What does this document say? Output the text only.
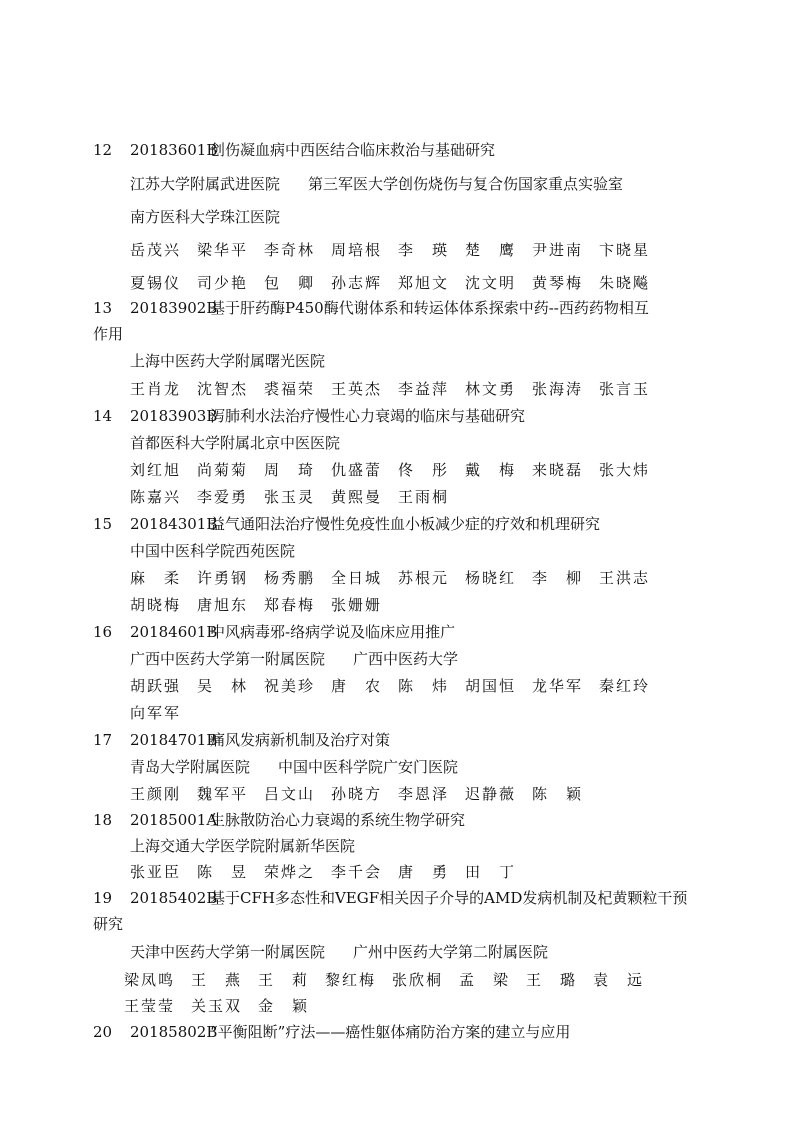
12	20183601B
创伤凝血病中西医结合临床救治与基础研究
江苏大学附属武进医院 第三军医大学创伤烧伤与复合伤国家重点实验室
南方医科大学珠江医院
岳茂兴	梁华平	李奇林	周培根	李　瑛	楚　鹰	尹进南	卞晓星
夏锡仪	司少艳	包　卿	孙志辉	郑旭文	沈文明	黄琴梅	朱晓飚
13	20183902B
基于肝药酶P450酶代谢体系和转运体体系探索中药--西药药物相互
作用
上海中医药大学附属曙光医院
王肖龙	沈智杰	裘福荣	王英杰	李益萍	林文勇	张海涛	张言玉
14	20183903B
泻肺利水法治疗慢性心力衰竭的临床与基础研究
首都医科大学附属北京中医医院
刘红旭	尚菊菊	周　琦	仇盛蕾	佟　彤	戴　梅	来晓磊	张大炜
陈嘉兴	李爱勇	张玉灵	黄熙曼	王雨桐
15	20184301B
益气通阳法治疗慢性免疫性血小板减少症的疗效和机理研究
中国中医科学院西苑医院
麻　柔	许勇钢	杨秀鹏	全日城	苏根元	杨晓红	李　柳	王洪志
胡晓梅	唐旭东	郑春梅	张姗姗
16	20184601B
中风病毒邪-络病学说及临床应用推广
广西中医药大学第一附属医院 广西中医药大学
胡跃强	吴　林	祝美珍	唐　农	陈　炜	胡国恒	龙华军	秦红玲
向军军
17	20184701B
痛风发病新机制及治疗对策
青岛大学附属医院 中国中医科学院广安门医院
王颜刚	魏军平	吕文山	孙晓方	李恩泽	迟静薇	陈　颖
18	20185001A
生脉散防治心力衰竭的系统生物学研究
上海交通大学医学院附属新华医院
张亚臣	陈　昱	荣烨之	李千会	唐　勇	田　丁
19	20185402B
基于CFH多态性和VEGF相关因子介导的AMD发病机制及杞黄颗粒干预
研究
天津中医药大学第一附属医院 广州中医药大学第二附属医院
梁凤鸣	王　燕	王　莉	黎红梅	张欣桐	孟　梁	王　璐	袁　远
王莹莹	关玉双	金　颖
20	20185802B
“平衡阻断”疗法——癌性躯体痛防治方案的建立与应用
